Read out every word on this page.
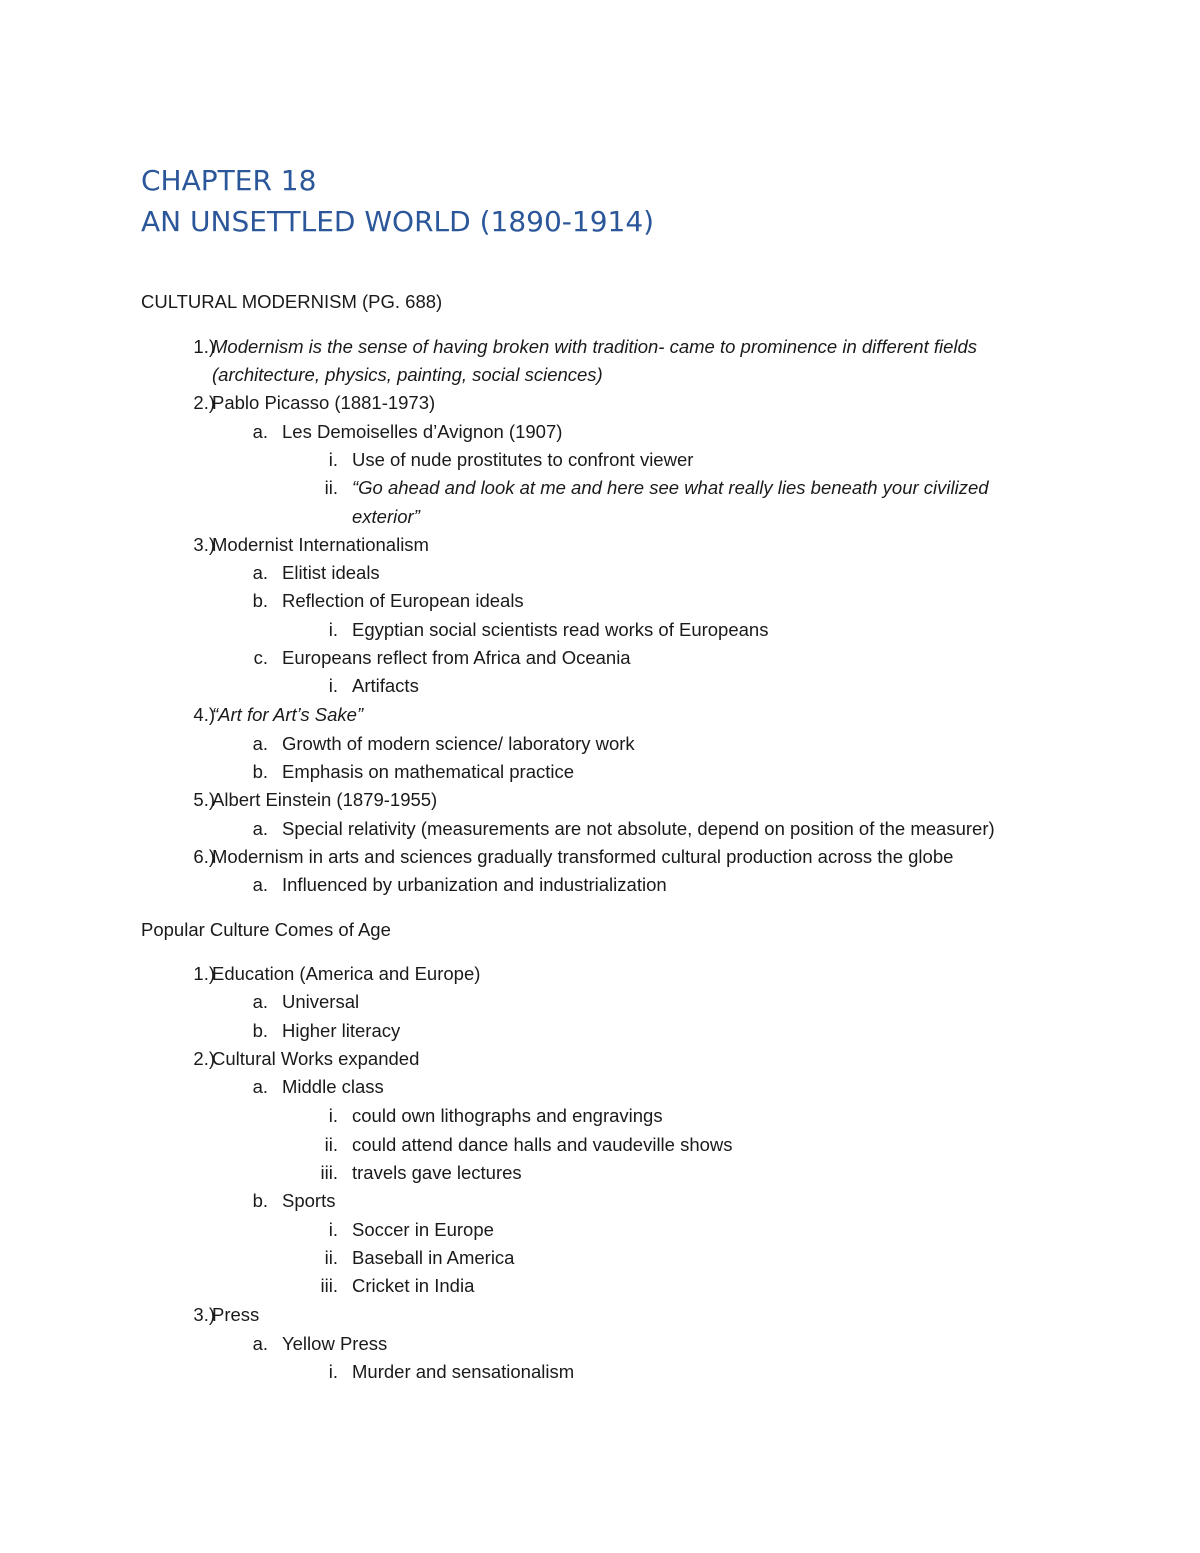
CHAPTER 18
AN UNSETTLED WORLD (1890-1914)
CULTURAL MODERNISM (PG. 688)
1.)
Modernism is the sense of having broken with tradition- came to prominence in different fields
(architecture, physics, painting, social sciences)
2.)
Pablo Picasso (1881-1973)
a. Les Demoiselles d’Avignon (1907)
i. Use of nude prostitutes to confront viewer
ii. “Go ahead and look at me and here see what really lies beneath your civilized
exterior”
3.)
Modernist Internationalism
a. Elitist ideals
b. Reflection of European ideals
i. Egyptian social scientists read works of Europeans
c. Europeans reflect from Africa and Oceania
i. Artifacts
4.)
“Art for Art’s Sake”
a. Growth of modern science/ laboratory work
b. Emphasis on mathematical practice
5.)
Albert Einstein (1879-1955)
a. Special relativity (measurements are not absolute, depend on position of the measurer)
6.)
Modernism in arts and sciences gradually transformed cultural production across the globe
a. Influenced by urbanization and industrialization
Popular Culture Comes of Age
1.)
Education (America and Europe)
a. Universal
b. Higher literacy
2.)
Cultural Works expanded
a. Middle class
i. could own lithographs and engravings
ii. could attend dance halls and vaudeville shows
iii. travels gave lectures
b. Sports
i. Soccer in Europe
ii. Baseball in America
iii. Cricket in India
3.)
Press
a. Yellow Press
i. Murder and sensationalism
